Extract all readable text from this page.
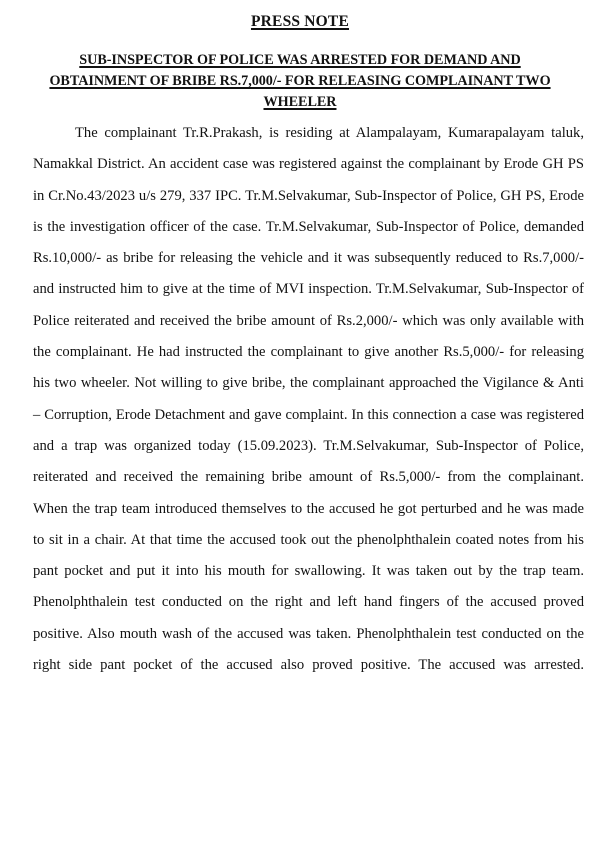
PRESS NOTE
SUB-INSPECTOR OF POLICE WAS ARRESTED FOR DEMAND AND OBTAINMENT OF BRIBE RS.7,000/- FOR RELEASING COMPLAINANT TWO WHEELER

The complainant Tr.R.Prakash, is residing at Alampalayam, Kumarapalayam taluk, Namakkal District. An accident case was registered against the complainant by Erode GH PS in Cr.No.43/2023 u/s 279, 337 IPC. Tr.M.Selvakumar, Sub-Inspector of Police, GH PS, Erode is the investigation officer of the case. Tr.M.Selvakumar, Sub-Inspector of Police, demanded Rs.10,000/- as bribe for releasing the vehicle and it was subsequently reduced to Rs.7,000/- and instructed him to give at the time of MVI inspection. Tr.M.Selvakumar, Sub-Inspector of Police reiterated and received the bribe amount of Rs.2,000/- which was only available with the complainant. He had instructed the complainant to give another Rs.5,000/- for releasing his two wheeler. Not willing to give bribe, the complainant approached the Vigilance & Anti – Corruption, Erode Detachment and gave complaint. In this connection a case was registered and a trap was organized today (15.09.2023). Tr.M.Selvakumar, Sub-Inspector of Police, reiterated and received the remaining bribe amount of Rs.5,000/- from the complainant. When the trap team introduced themselves to the accused he got perturbed and he was made to sit in a chair. At that time the accused took out the phenolphthalein coated notes from his pant pocket and put it into his mouth for swallowing. It was taken out by the trap team. Phenolphthalein test conducted on the right and left hand fingers of the accused proved positive. Also mouth wash of the accused was taken. Phenolphthalein test conducted on the right side pant pocket of the accused also proved positive. The accused was arrested.
